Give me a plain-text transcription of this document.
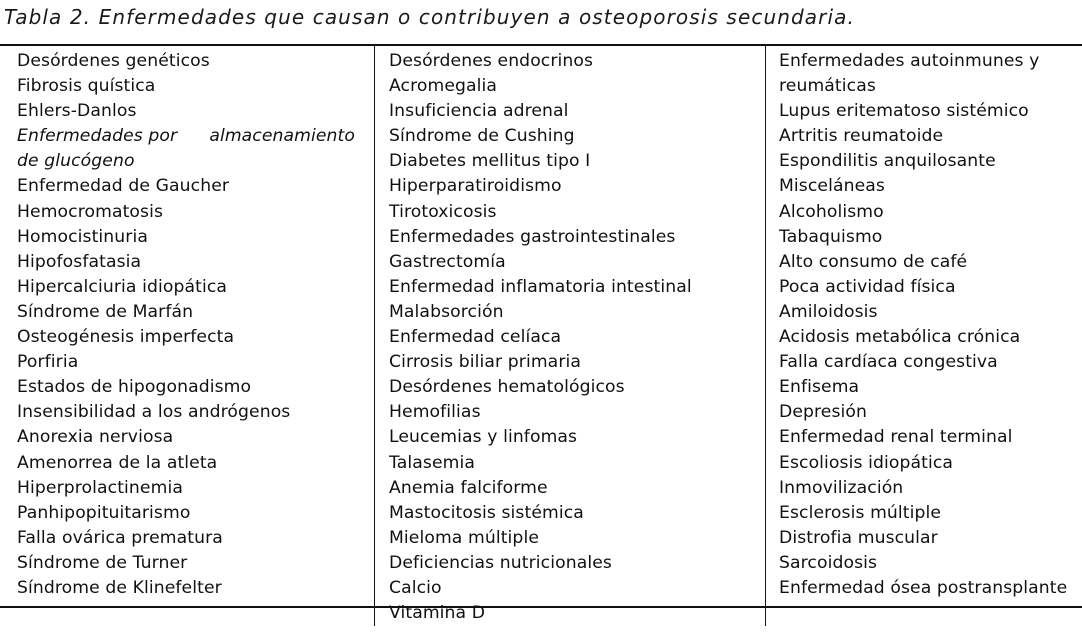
Tabla 2. Enfermedades que causan o contribuyen a osteoporosis secundaria.
Desórdenes genéticos
Fibrosis quística
Ehlers-Danlos
Enfermedades por almacenamiento
de glucógeno
Enfermedad de Gaucher
Hemocromatosis
Homocistinuria
Hipofosfatasia
Hipercalciuria idiopática
Síndrome de Marfán
Osteogénesis imperfecta
Porfiria
Estados de hipogonadismo
Insensibilidad a los andrógenos
Anorexia nerviosa
Amenorrea de la atleta
Hiperprolactinemia
Panhipopituitarismo
Falla ovárica prematura
Síndrome de Turner
Síndrome de Klinefelter
Desórdenes endocrinos
Acromegalia
Insuficiencia adrenal
Síndrome de Cushing
Diabetes mellitus tipo I
Hiperparatiroidismo
Tirotoxicosis
Enfermedades gastrointestinales
Gastrectomía
Enfermedad inflamatoria intestinal
Malabsorción
Enfermedad celíaca
Cirrosis biliar primaria
Desórdenes hematológicos
Hemofilias
Leucemias y linfomas
Talasemia
Anemia falciforme
Mastocitosis sistémica
Mieloma múltiple
Deficiencias nutricionales
Calcio
Vitamina D
Enfermedades autoinmunes y
reumáticas
Lupus eritematoso sistémico
Artritis reumatoide
Espondilitis anquilosante
Misceláneas
Alcoholismo
Tabaquismo
Alto consumo de café
Poca actividad física
Amiloidosis
Acidosis metabólica crónica
Falla cardíaca congestiva
Enfisema
Depresión
Enfermedad renal terminal
Escoliosis idiopática
Inmovilización
Esclerosis múltiple
Distrofia muscular
Sarcoidosis
Enfermedad ósea postransplante
